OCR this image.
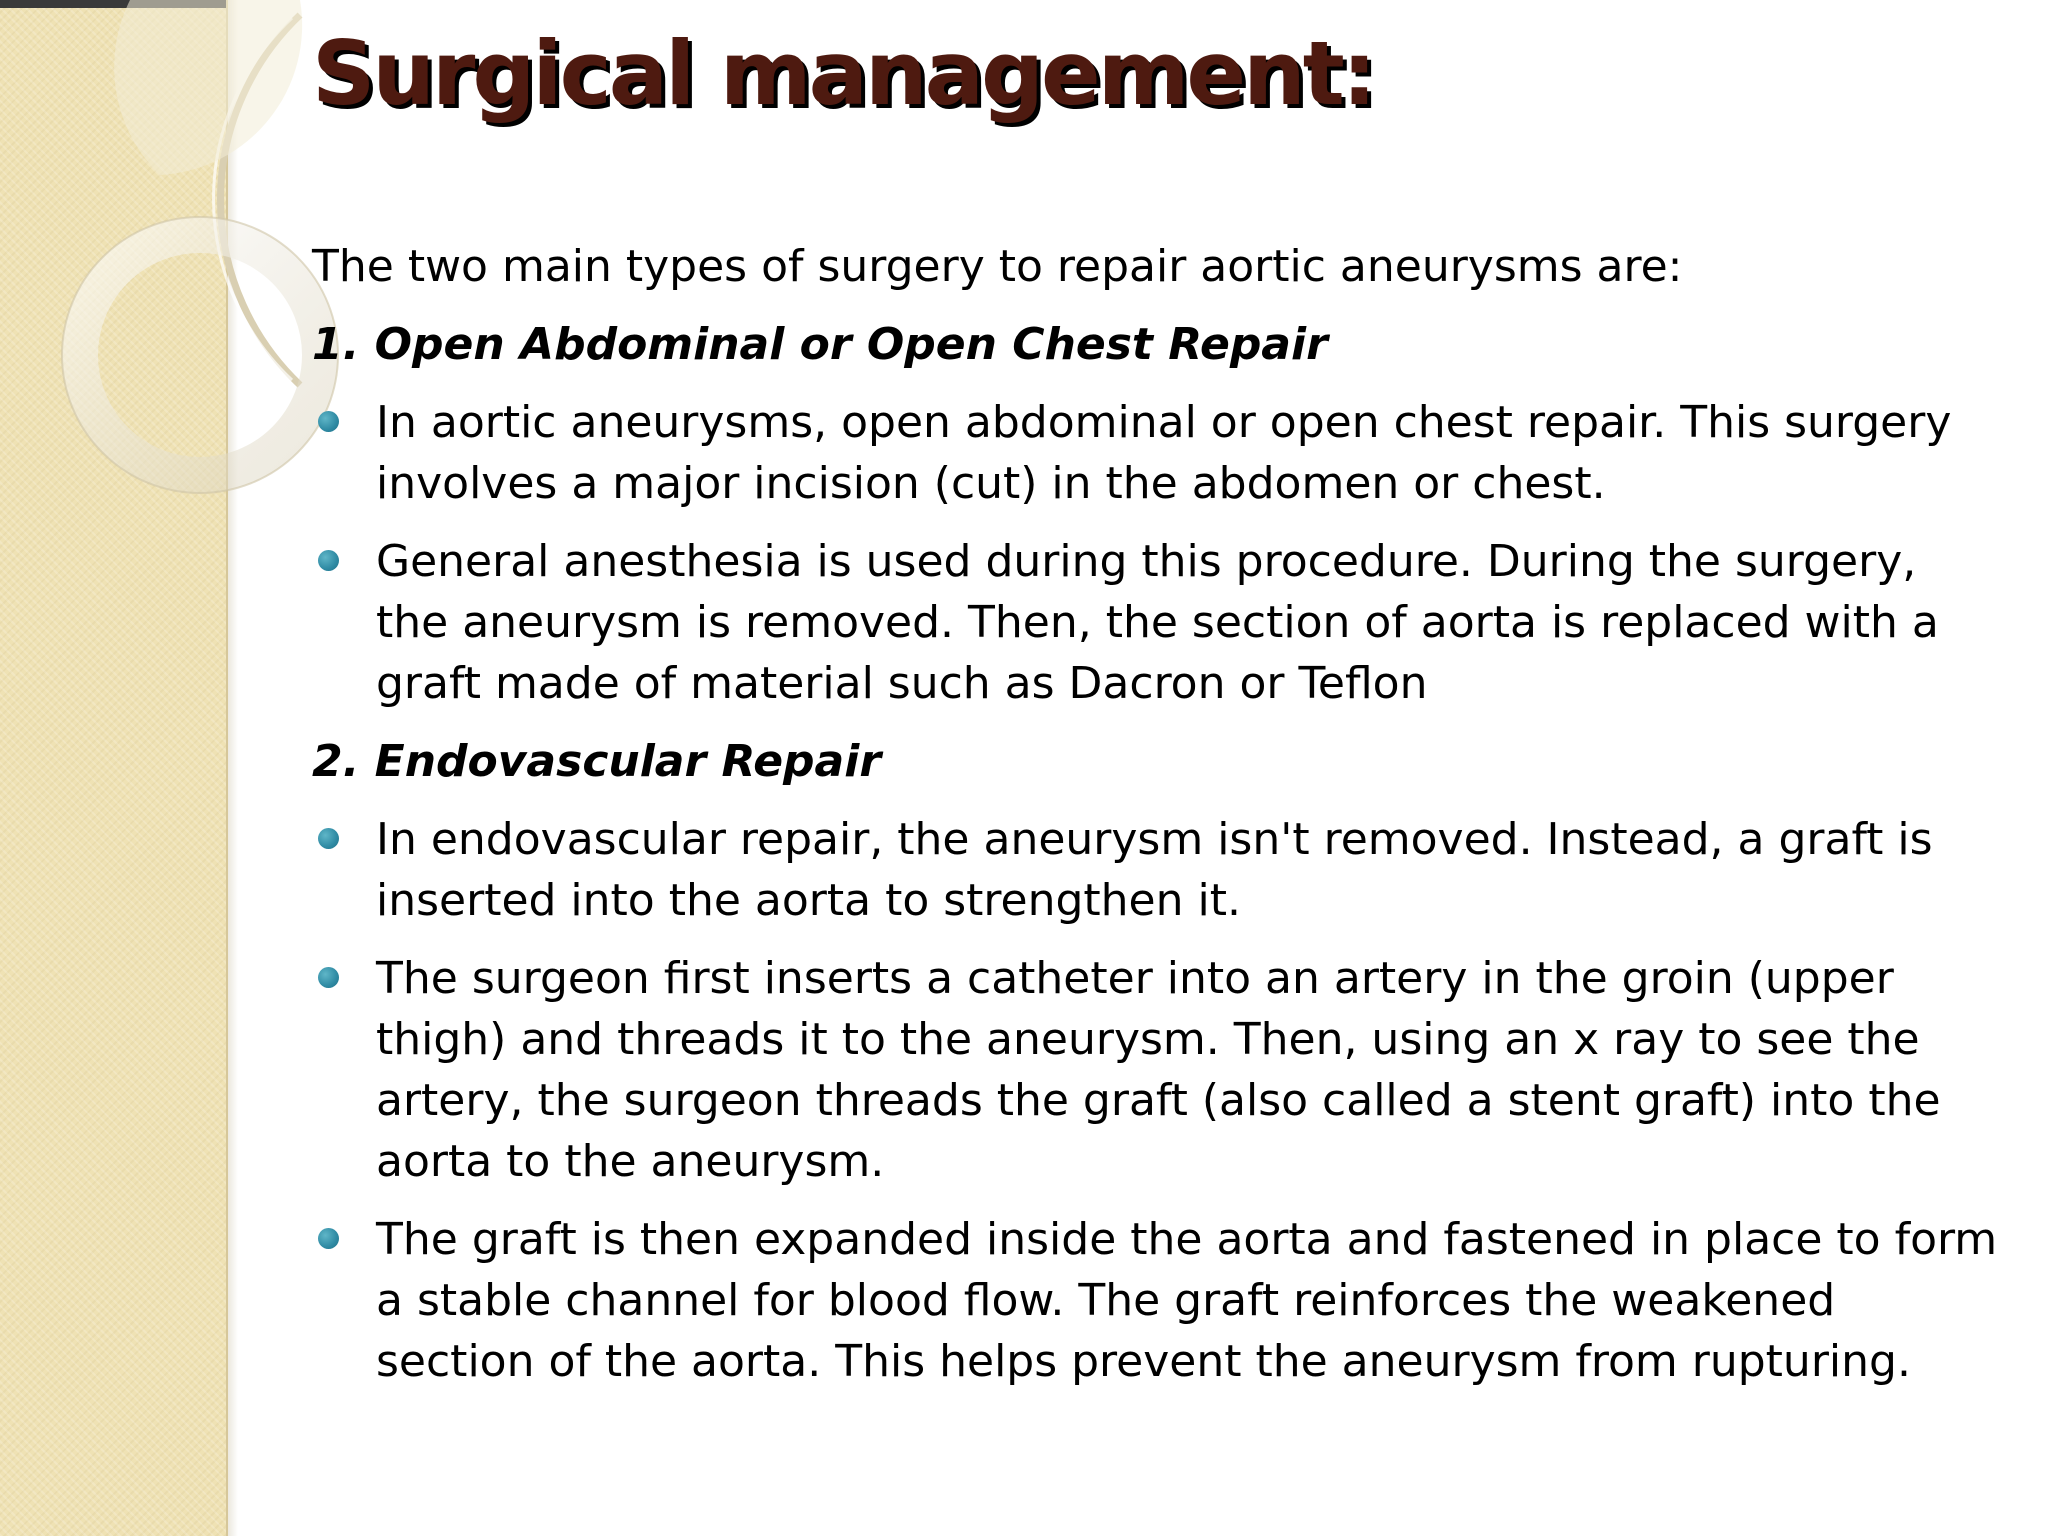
Surgical management:

The two main types of surgery to repair aortic aneurysms are:

1. Open Abdominal or Open Chest Repair

In aortic aneurysms, open abdominal or open chest repair. This surgery involves a major incision (cut) in the abdomen or chest.
General anesthesia is used during this procedure. During the surgery, the aneurysm is removed. Then, the section of aorta is replaced with a graft made of material such as Dacron or Teflon

2. Endovascular Repair

In endovascular repair, the aneurysm isn't removed. Instead, a graft is inserted into the aorta to strengthen it.
The surgeon first inserts a catheter into an artery in the groin (upper thigh) and threads it to the aneurysm. Then, using an x ray to see the artery, the surgeon threads the graft (also called a stent graft) into the aorta to the aneurysm.
The graft is then expanded inside the aorta and fastened in place to form a stable channel for blood flow. The graft reinforces the weakened section of the aorta. This helps prevent the aneurysm from rupturing.
